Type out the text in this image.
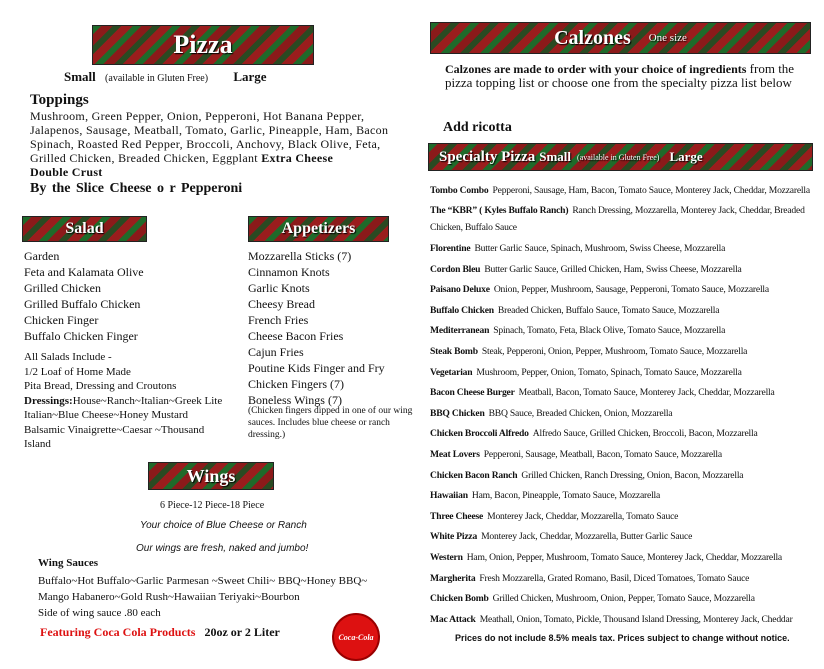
Pizza
Small (available in Gluten Free) Large
Toppings
Mushroom, Green Pepper, Onion, Pepperoni, Hot Banana Pepper, Jalapenos, Sausage, Meatball, Tomato, Garlic, Pineapple, Ham, Bacon Spinach, Roasted Red Pepper, Broccoli, Anchovy, Black Olive, Feta, Grilled Chicken, Breaded Chicken, Eggplant Extra Cheese
Double Crust
By the Slice Cheese o r Pepperoni
Salad
Garden
Feta and Kalamata Olive
Grilled Chicken
Grilled Buffalo Chicken
Chicken Finger
Buffalo Chicken Finger
All Salads Include -
1/2 Loaf of Home Made
Pita Bread, Dressing and Croutons
Dressings:House~Ranch~Italian~Greek Lite Italian~Blue Cheese~Honey Mustard Balsamic Vinaigrette~Caesar ~Thousand Island
Appetizers
Mozzarella Sticks (7)
Cinnamon Knots
Garlic Knots
Cheesy Bread
French Fries
Cheese Bacon Fries
Cajun Fries
Poutine Kids Finger and Fry
Chicken Fingers (7)
Boneless Wings (7)
(Chicken fingers dipped in one of our wing sauces. Includes blue cheese or ranch dressing.)
Wings
6 Piece-12 Piece-18 Piece
Your choice of Blue Cheese or Ranch
Our wings are fresh, naked and jumbo!
Wing Sauces
Buffalo~Hot Buffalo~Garlic Parmesan ~Sweet Chili~ BBQ~Honey BBQ~ Mango Habanero~Gold Rush~Hawaiian Teriyaki~Bourbon
Side of wing sauce .80 each
Featuring Coca Cola Products 20oz or 2 Liter	Coca-Cola
Calzones One size
Calzones are made to order with your choice of ingredients from the pizza topping list or choose one from the specialty pizza list below
Add ricotta
Specialty Pizza Small (available in Gluten Free) Large
Tombo Combo Pepperoni, Sausage, Ham, Bacon, Tomato Sauce, Monterey Jack, Cheddar, Mozzarella
The “KBR” ( Kyles Buffalo Ranch) Ranch Dressing, Mozzarella, Monterey Jack, Cheddar, Breaded Chicken, Buffalo Sauce
Florentine Butter Garlic Sauce, Spinach, Mushroom, Swiss Cheese, Mozzarella
Cordon Bleu Butter Garlic Sauce, Grilled Chicken, Ham, Swiss Cheese, Mozzarella
Paisano Deluxe Onion, Pepper, Mushroom, Sausage, Pepperoni, Tomato Sauce, Mozzarella
Buffalo Chicken Breaded Chicken, Buffalo Sauce, Tomato Sauce, Mozzarella
Mediterranean Spinach, Tomato, Feta, Black Olive, Tomato Sauce, Mozzarella
Steak Bomb Steak, Pepperoni, Onion, Pepper, Mushroom, Tomato Sauce, Mozzarella
Vegetarian Mushroom, Pepper, Onion, Tomato, Spinach, Tomato Sauce, Mozzarella
Bacon Cheese Burger Meatball, Bacon, Tomato Sauce, Monterey Jack, Cheddar, Mozzarella
BBQ Chicken BBQ Sauce, Breaded Chicken, Onion, Mozzarella
Chicken Broccoli Alfredo Alfredo Sauce, Grilled Chicken, Broccoli, Bacon, Mozzarella
Meat Lovers Pepperoni, Sausage, Meatball, Bacon, Tomato Sauce, Mozzarella
Chicken Bacon Ranch Grilled Chicken, Ranch Dressing, Onion, Bacon, Mozzarella
Hawaiian Ham, Bacon, Pineapple, Tomato Sauce, Mozzarella
Three Cheese Monterey Jack, Cheddar, Mozzarella, Tomato Sauce
White Pizza Monterey Jack, Cheddar, Mozzarella, Butter Garlic Sauce
Western Ham, Onion, Pepper, Mushroom, Tomato Sauce, Monterey Jack, Cheddar, Mozzarella
Margherita Fresh Mozzarella, Grated Romano, Basil, Diced Tomatoes, Tomato Sauce
Chicken Bomb Grilled Chicken, Mushroom, Onion, Pepper, Tomato Sauce, Mozzarella
Mac Attack Meathall, Onion, Tomato, Pickle, Thousand Island Dressing, Monterey Jack, Cheddar
Prices do not include 8.5% meals tax. Prices subject to change without notice.
